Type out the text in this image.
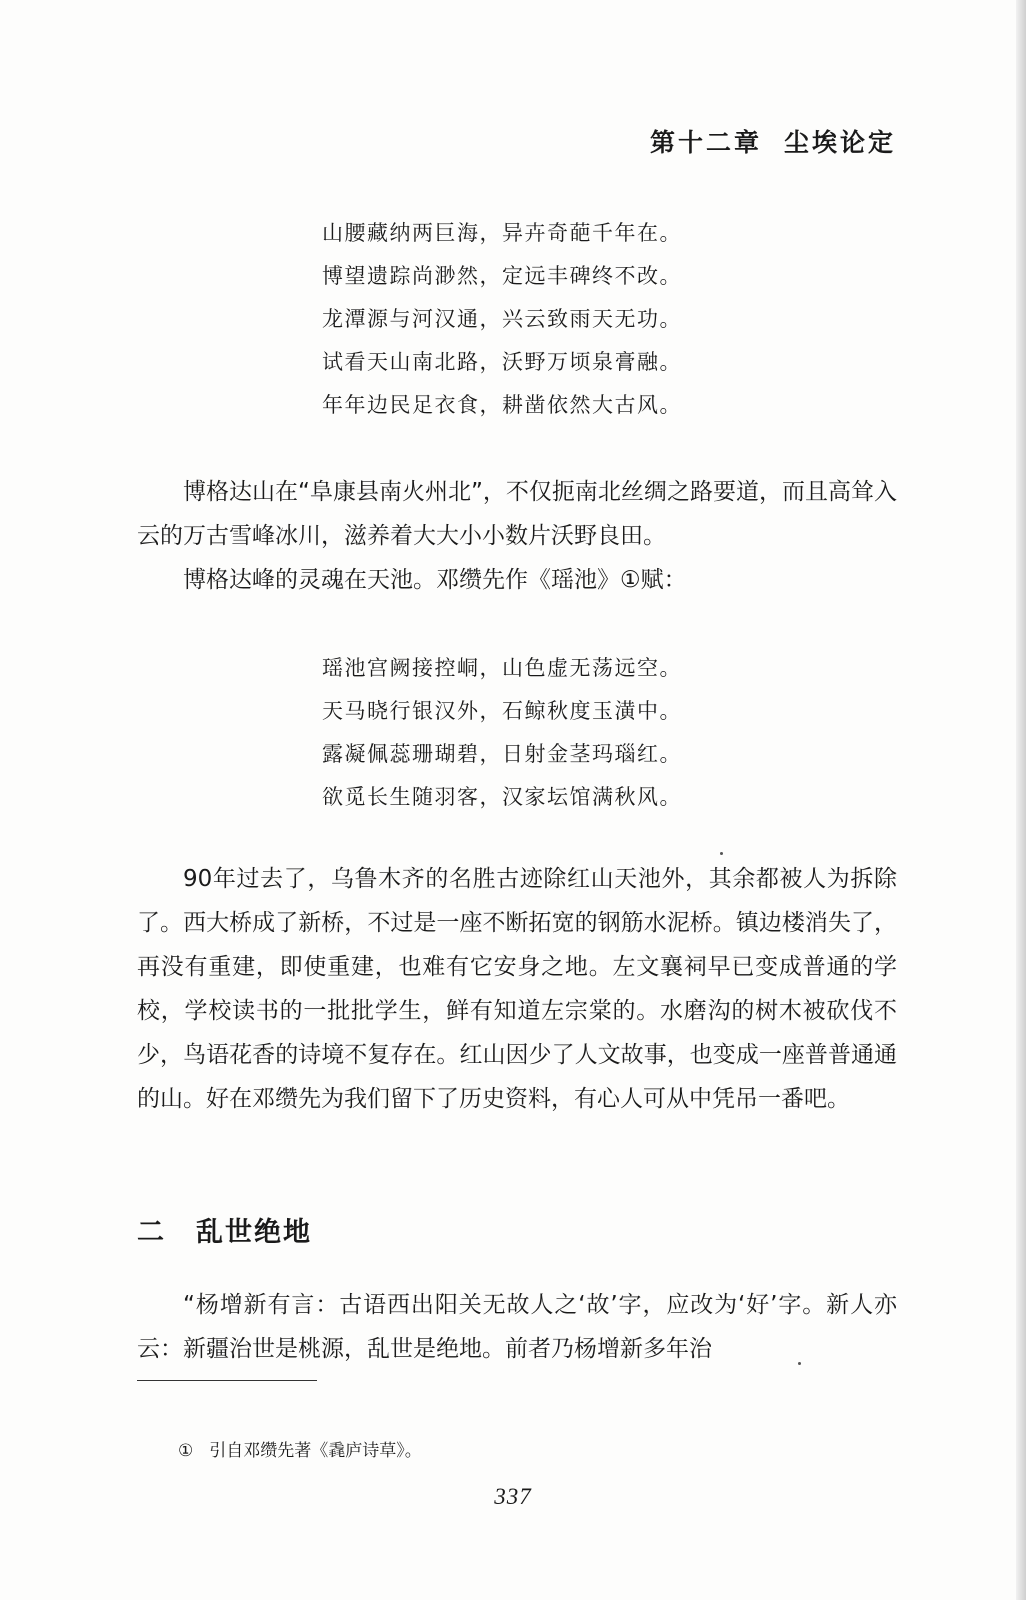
第十二章 尘埃论定
山腰藏纳两巨海，异卉奇葩千年在。
博望遗踪尚渺然，定远丰碑终不改。
龙潭源与河汉通，兴云致雨天无功。
试看天山南北路，沃野万顷泉膏融。
年年边民足衣食，耕凿依然大古风。

博格达山在“阜康县南火州北”，不仅扼南北丝绸之路要道，而且高耸入云的万古雪峰冰川，滋养着大大小小数片沃野良田。

博格达峰的灵魂在天池。邓缵先作《瑶池》①赋：

瑶池宫阙接控峒，山色虚无荡远空。
天马晓行银汉外，石鲸秋度玉潢中。
露凝佩蕊珊瑚碧，日射金茎玛瑙红。
欲觅长生随羽客，汉家坛馆满秋风。

90年过去了，乌鲁木齐的名胜古迹除红山天池外，其余都被人为拆除了。西大桥成了新桥，不过是一座不断拓宽的钢筋水泥桥。镇边楼消失了，再没有重建，即使重建，也难有它安身之地。左文襄祠早已变成普通的学校，学校读书的一批批学生，鲜有知道左宗棠的。水磨沟的树木被砍伐不少，鸟语花香的诗境不复存在。红山因少了人文故事，也变成一座普普通通的山。好在邓缵先为我们留下了历史资料，有心人可从中凭吊一番吧。

二 乱世绝地

“杨增新有言：古语西出阳关无故人之‘故’字，应改为‘好’字。新人亦云：新疆治世是桃源，乱世是绝地。前者乃杨增新多年治

① 引自邓缵先著《毳庐诗草》。
337
